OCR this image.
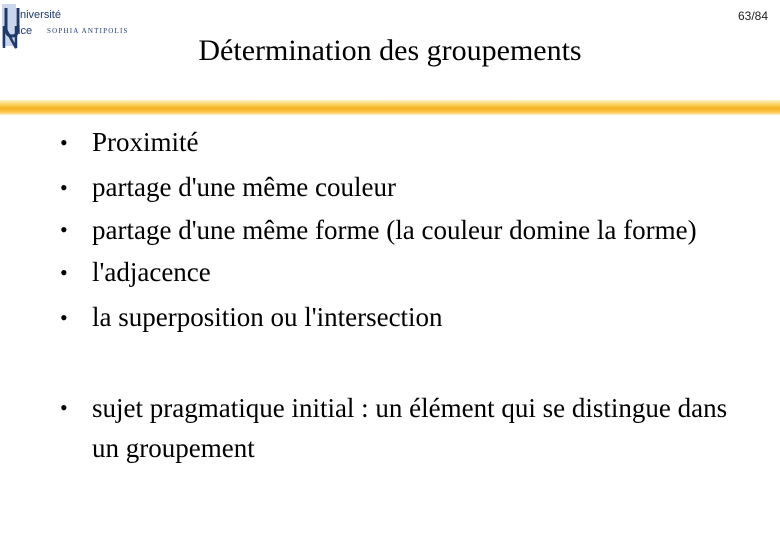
63/84
niversité
ice SOPHIA ANTIPOLIS
Détermination des groupements
• Proximité
• partage d'une même couleur
• partage d'une même forme (la couleur domine la forme)
• l'adjacence
• la superposition ou l'intersection
• sujet pragmatique initial : un élément qui se distingue dans un groupement
